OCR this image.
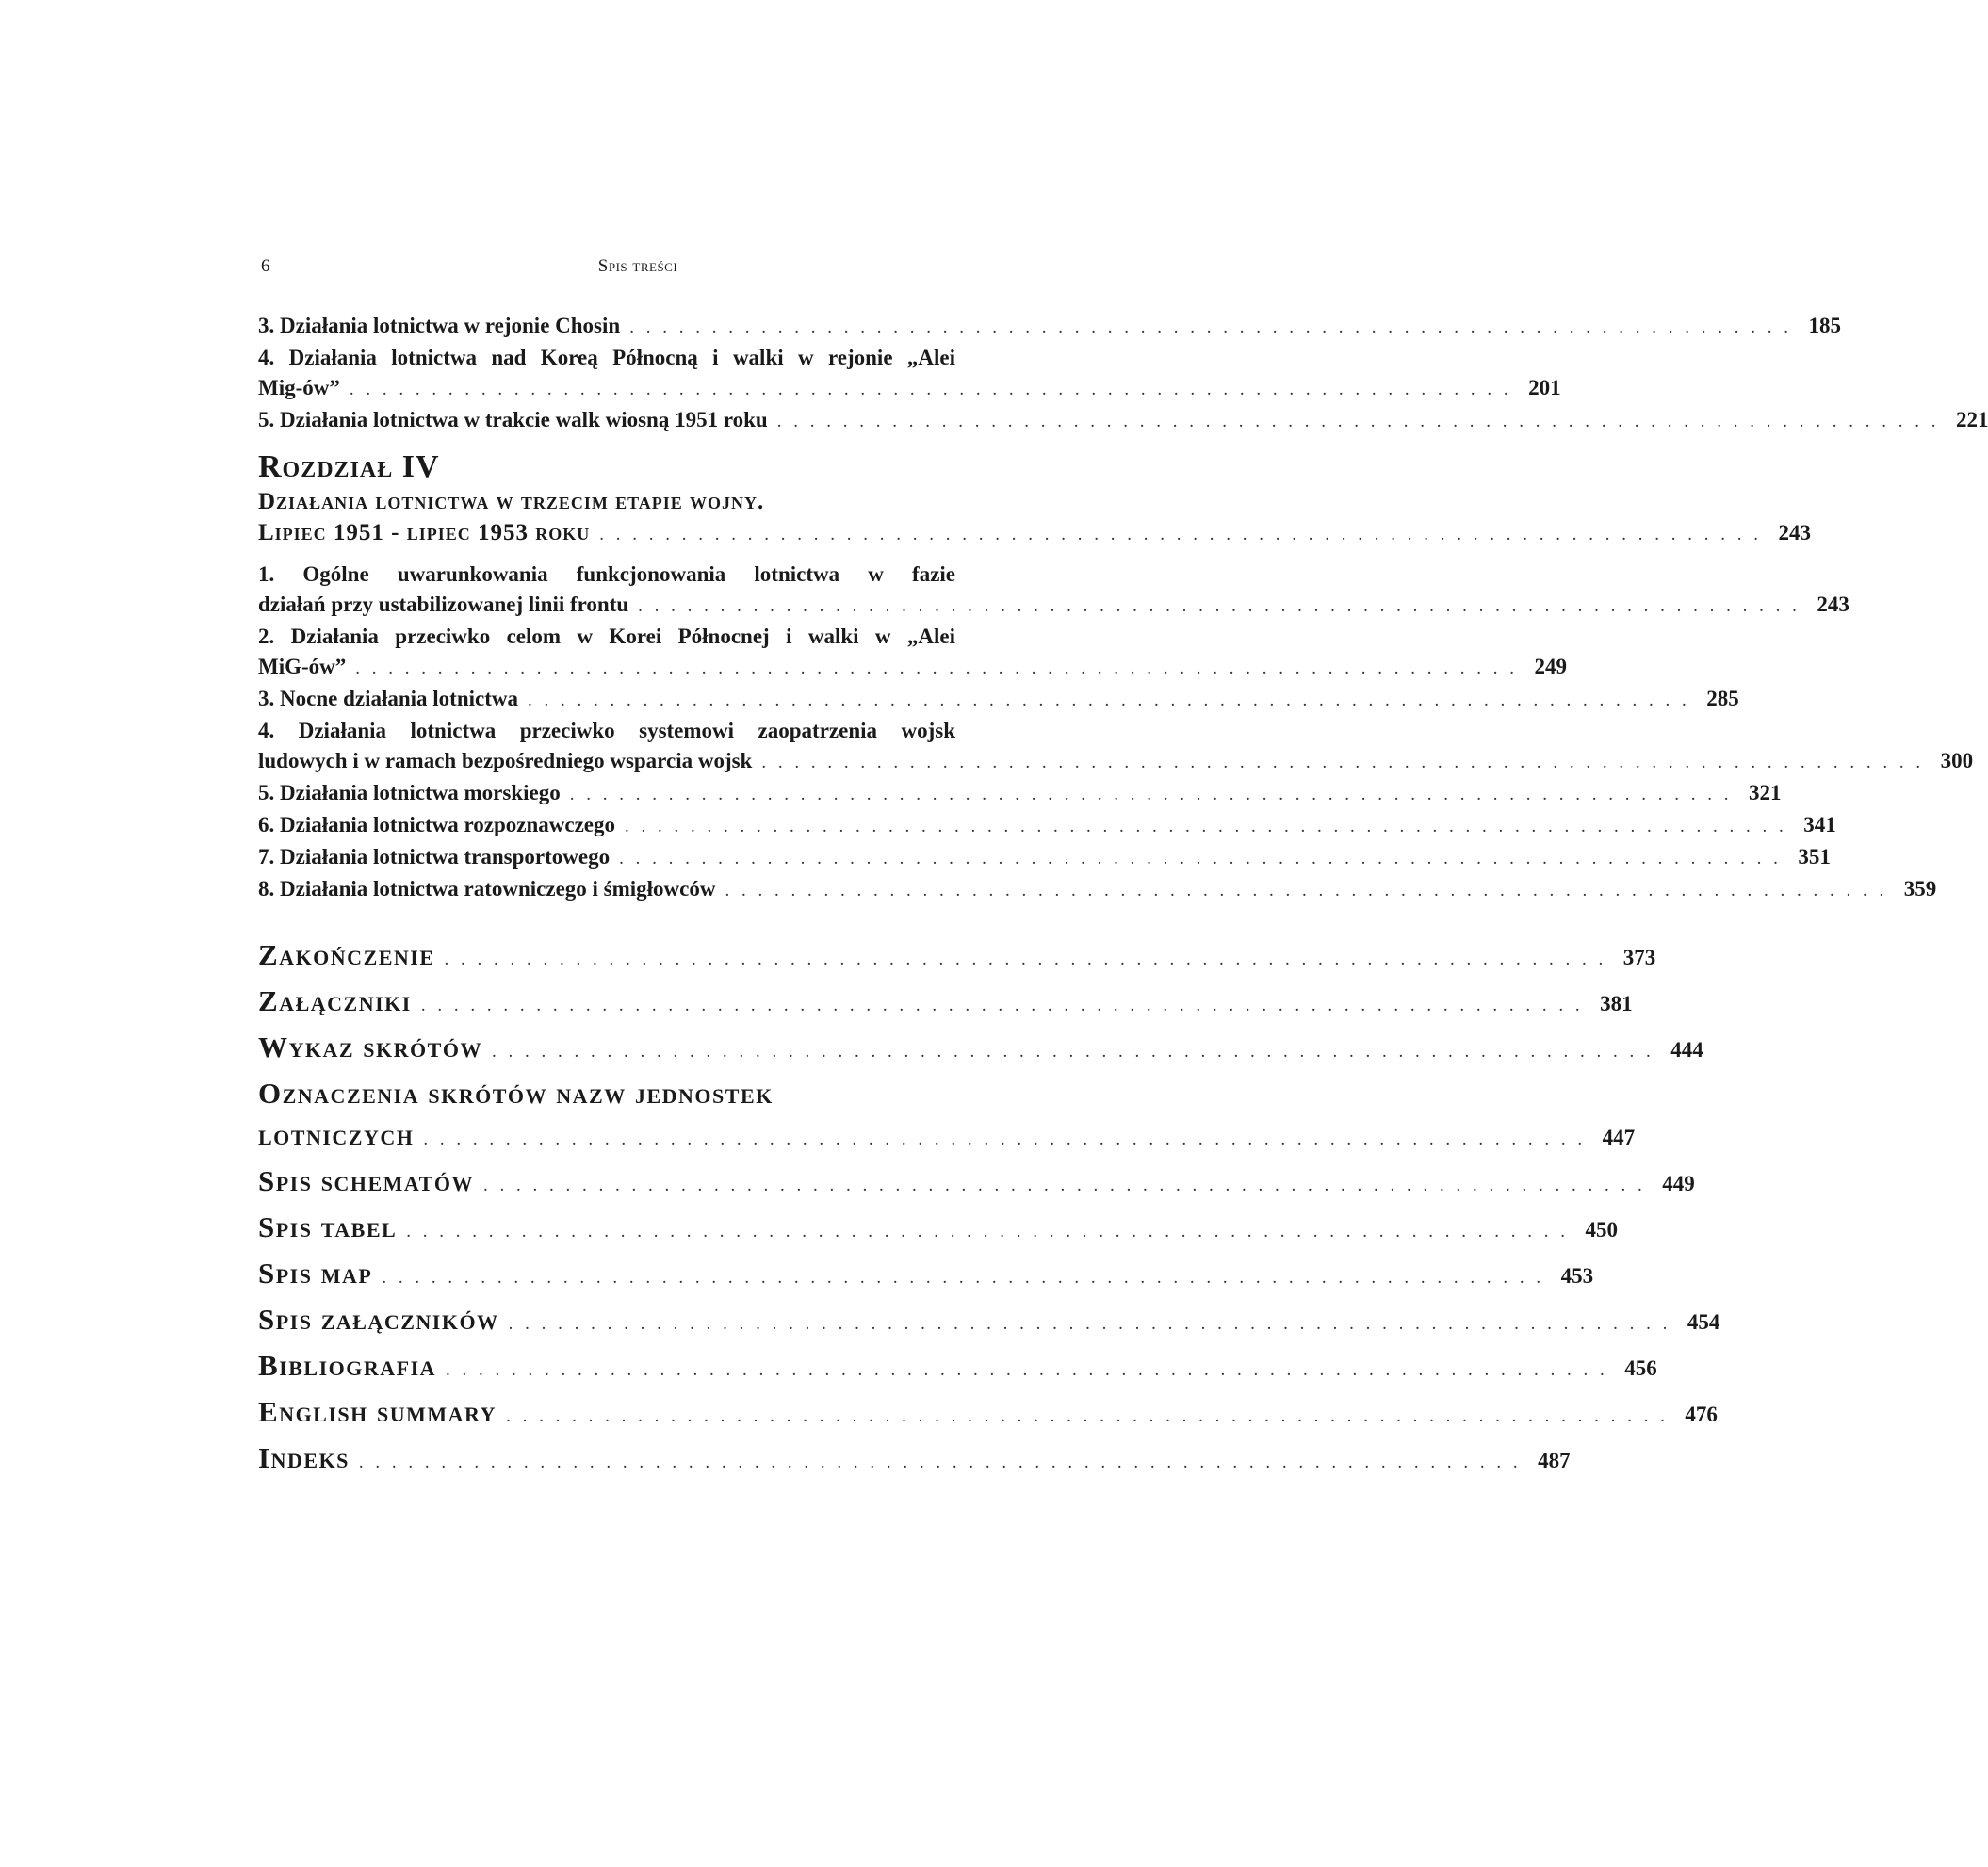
6	Spis treści
3. Działania lotnictwa w rejonie Chosin . . . . . . . . . . . . . . . . . . . . . . . . . . . . . . . . . . . . . . . . . . . . . . . . . . . . . . . . . . . . . . . . . . . . . . . 185
4. Działania lotnictwa nad Koreą Północną i walki w rejonie „Alei
Mig-ów” . . . . . . . . . . . . . . . . . . . . . . . . . . . . . . . . . . . . . . . . . . . . . . . . . . . . . . . . . . . . . . . . . . . . . . . 201
5. Działania lotnictwa w trakcie walk wiosną 1951 roku . . . . . . . . . . . . . . . . . . . . . . . . . . . . . . . . . . . . . . . . . . . . . . . . . . . . . . . . . . . . . . . . . . . . . . . 221
Rozdział IV
Działania lotnictwa w trzecim etapie wojny.
Lipiec 1951 - lipiec 1953 roku . . . . . . . . . . . . . . . . . . . . . . . . . . . . . . . . . . . . . . . . . . . . . . . . . . . . . . . . . . . . . . . . . . . . . . . 243
1. Ogólne uwarunkowania funkcjonowania lotnictwa w fazie
działań przy ustabilizowanej linii frontu . . . . . . . . . . . . . . . . . . . . . . . . . . . . . . . . . . . . . . . . . . . . . . . . . . . . . . . . . . . . . . . . . . . . . . . 243
2. Działania przeciwko celom w Korei Północnej i walki w „Alei
MiG-ów” . . . . . . . . . . . . . . . . . . . . . . . . . . . . . . . . . . . . . . . . . . . . . . . . . . . . . . . . . . . . . . . . . . . . . . . 249
3. Nocne działania lotnictwa . . . . . . . . . . . . . . . . . . . . . . . . . . . . . . . . . . . . . . . . . . . . . . . . . . . . . . . . . . . . . . . . . . . . . . . 285
4. Działania lotnictwa przeciwko systemowi zaopatrzenia wojsk
ludowych i w ramach bezpośredniego wsparcia wojsk . . . . . . . . . . . . . . . . . . . . . . . . . . . . . . . . . . . . . . . . . . . . . . . . . . . . . . . . . . . . . . . . . . . . . . . 300
5. Działania lotnictwa morskiego . . . . . . . . . . . . . . . . . . . . . . . . . . . . . . . . . . . . . . . . . . . . . . . . . . . . . . . . . . . . . . . . . . . . . . . 321
6. Działania lotnictwa rozpoznawczego . . . . . . . . . . . . . . . . . . . . . . . . . . . . . . . . . . . . . . . . . . . . . . . . . . . . . . . . . . . . . . . . . . . . . . . 341
7. Działania lotnictwa transportowego . . . . . . . . . . . . . . . . . . . . . . . . . . . . . . . . . . . . . . . . . . . . . . . . . . . . . . . . . . . . . . . . . . . . . . . 351
8. Działania lotnictwa ratowniczego i śmigłowców . . . . . . . . . . . . . . . . . . . . . . . . . . . . . . . . . . . . . . . . . . . . . . . . . . . . . . . . . . . . . . . . . . . . . . . 359
Zakończenie . . . . . . . . . . . . . . . . . . . . . . . . . . . . . . . . . . . . . . . . . . . . . . . . . . . . . . . . . . . . . . . . . . . . . . . 373
Załączniki . . . . . . . . . . . . . . . . . . . . . . . . . . . . . . . . . . . . . . . . . . . . . . . . . . . . . . . . . . . . . . . . . . . . . . . 381
Wykaz skrótów . . . . . . . . . . . . . . . . . . . . . . . . . . . . . . . . . . . . . . . . . . . . . . . . . . . . . . . . . . . . . . . . . . . . . . . 444
Oznaczenia skrótów nazw jednostek
lotniczych . . . . . . . . . . . . . . . . . . . . . . . . . . . . . . . . . . . . . . . . . . . . . . . . . . . . . . . . . . . . . . . . . . . . . . . 447
Spis schematów . . . . . . . . . . . . . . . . . . . . . . . . . . . . . . . . . . . . . . . . . . . . . . . . . . . . . . . . . . . . . . . . . . . . . . . 449
Spis tabel . . . . . . . . . . . . . . . . . . . . . . . . . . . . . . . . . . . . . . . . . . . . . . . . . . . . . . . . . . . . . . . . . . . . . . . 450
Spis map . . . . . . . . . . . . . . . . . . . . . . . . . . . . . . . . . . . . . . . . . . . . . . . . . . . . . . . . . . . . . . . . . . . . . . . 453
Spis załączników . . . . . . . . . . . . . . . . . . . . . . . . . . . . . . . . . . . . . . . . . . . . . . . . . . . . . . . . . . . . . . . . . . . . . . . 454
Bibliografia . . . . . . . . . . . . . . . . . . . . . . . . . . . . . . . . . . . . . . . . . . . . . . . . . . . . . . . . . . . . . . . . . . . . . . . 456
English summary . . . . . . . . . . . . . . . . . . . . . . . . . . . . . . . . . . . . . . . . . . . . . . . . . . . . . . . . . . . . . . . . . . . . . . . 476
Indeks . . . . . . . . . . . . . . . . . . . . . . . . . . . . . . . . . . . . . . . . . . . . . . . . . . . . . . . . . . . . . . . . . . . . . . . 487
